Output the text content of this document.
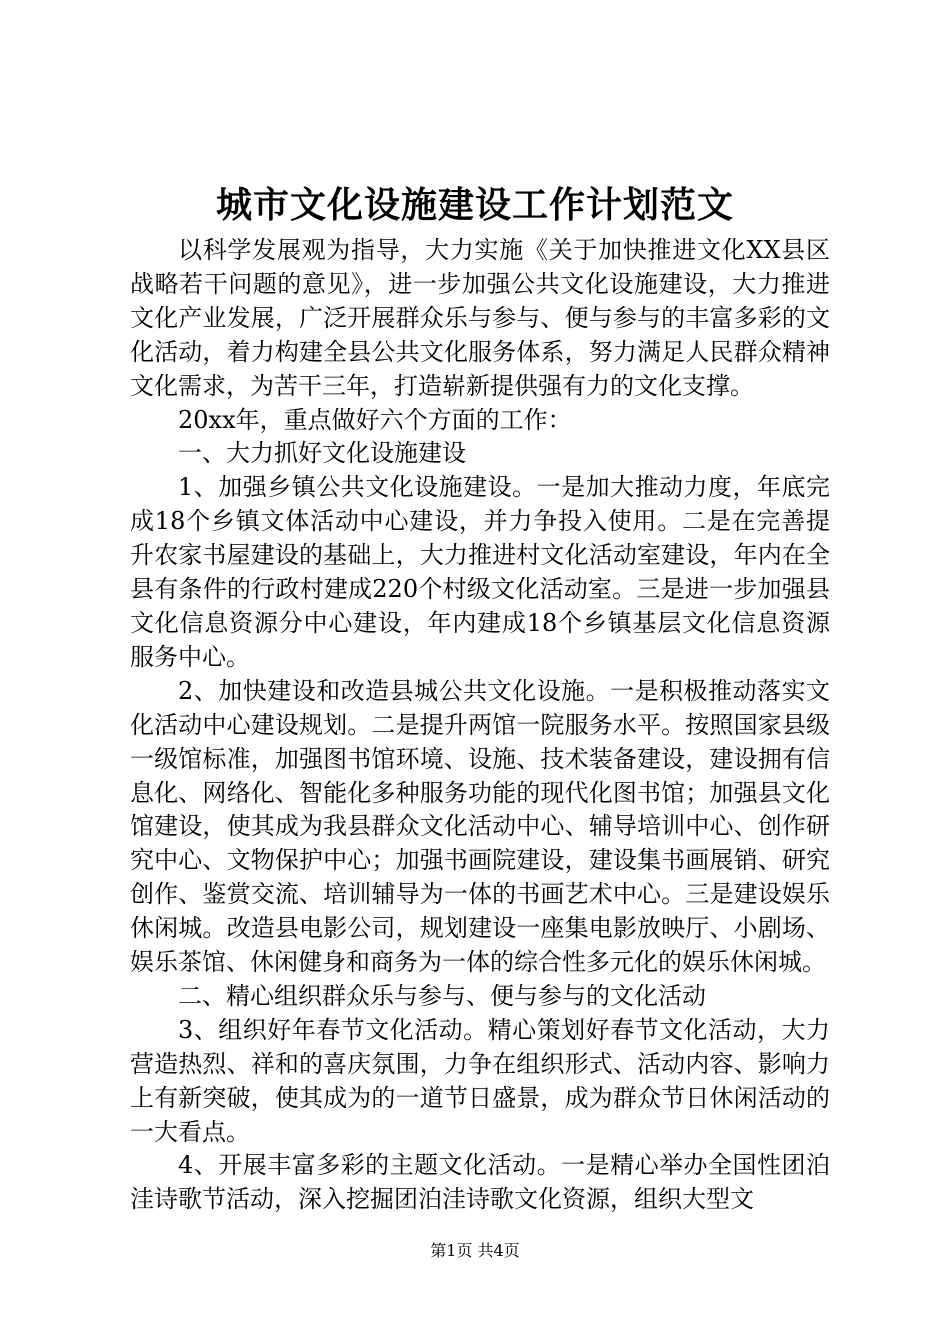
城市文化设施建设工作计划范文

以科学发展观为指导，大力实施《关于加快推进文化XX县区战略若干问题的意见》，进一步加强公共文化设施建设，大力推进文化产业发展，广泛开展群众乐与参与、便与参与的丰富多彩的文化活动，着力构建全县公共文化服务体系，努力满足人民群众精神文化需求，为苦干三年，打造崭新提供强有力的文化支撑。

20xx年，重点做好六个方面的工作：

一、大力抓好文化设施建设

1、加强乡镇公共文化设施建设。一是加大推动力度，年底完成18个乡镇文体活动中心建设，并力争投入使用。二是在完善提升农家书屋建设的基础上，大力推进村文化活动室建设，年内在全县有条件的行政村建成220个村级文化活动室。三是进一步加强县文化信息资源分中心建设，年内建成18个乡镇基层文化信息资源服务中心。

2、加快建设和改造县城公共文化设施。一是积极推动落实文化活动中心建设规划。二是提升两馆一院服务水平。按照国家县级一级馆标准，加强图书馆环境、设施、技术装备建设，建设拥有信息化、网络化、智能化多种服务功能的现代化图书馆；加强县文化馆建设，使其成为我县群众文化活动中心、辅导培训中心、创作研究中心、文物保护中心；加强书画院建设，建设集书画展销、研究创作、鉴赏交流、培训辅导为一体的书画艺术中心。三是建设娱乐休闲城。改造县电影公司，规划建设一座集电影放映厅、小剧场、娱乐茶馆、休闲健身和商务为一体的综合性多元化的娱乐休闲城。

二、精心组织群众乐与参与、便与参与的文化活动

3、组织好年春节文化活动。精心策划好春节文化活动，大力营造热烈、祥和的喜庆氛围，力争在组织形式、活动内容、影响力上有新突破，使其成为的一道节日盛景，成为群众节日休闲活动的一大看点。

4、开展丰富多彩的主题文化活动。一是精心举办全国性团泊洼诗歌节活动，深入挖掘团泊洼诗歌文化资源，组织大型文

第1页 共4页
